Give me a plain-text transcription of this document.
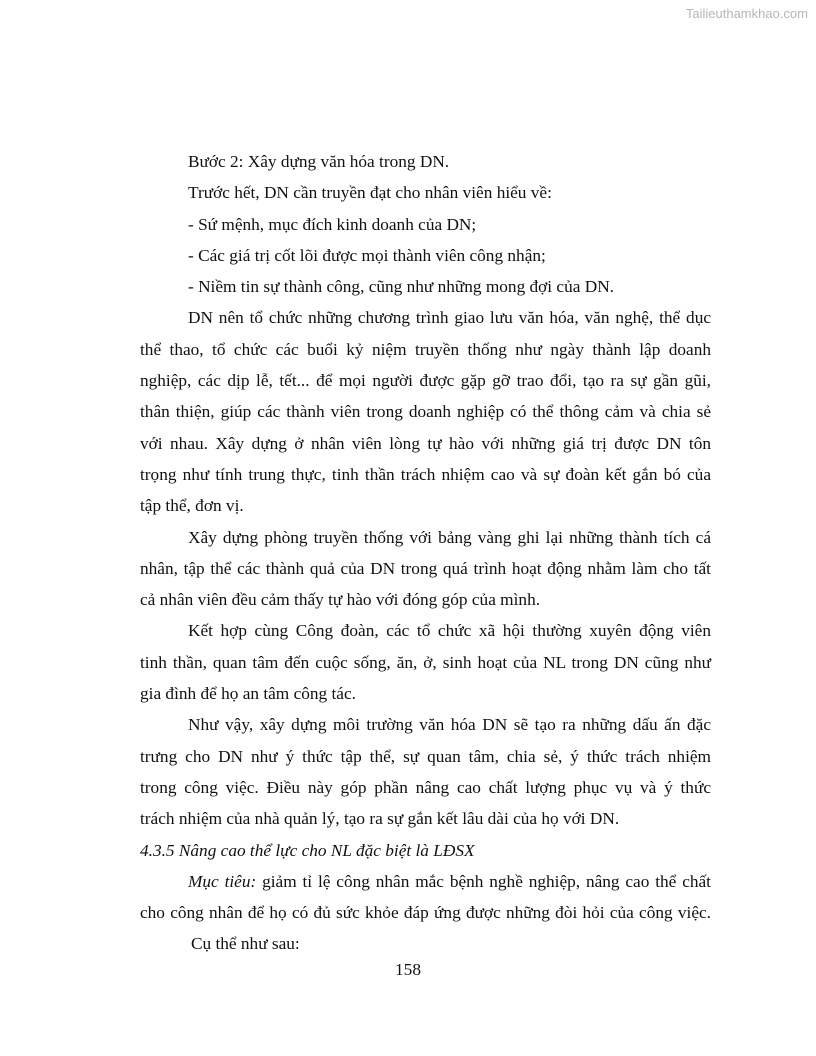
Tailieuthamkhao.com
Bước 2: Xây dựng văn hóa trong DN.
Trước hết, DN cần truyền đạt cho nhân viên hiểu về:
- Sứ mệnh, mục đích kinh doanh của DN;
- Các giá trị cốt lõi được mọi thành viên công nhận;
- Niềm tin sự thành công, cũng như những mong đợi của DN.
DN nên tổ chức những chương trình giao lưu văn hóa, văn nghệ, thể dục
thể thao, tổ chức các buổi kỷ niệm truyền thống như ngày thành lập doanh
nghiệp, các dịp lễ, tết... để mọi người được gặp gỡ trao đổi, tạo ra sự gần gũi,
thân thiện, giúp các thành viên trong doanh nghiệp có thể thông cảm và chia sẻ
với nhau. Xây dựng ở nhân viên lòng tự hào với những giá trị được DN tôn
trọng như tính trung thực, tinh thần trách nhiệm cao và sự đoàn kết gắn bó của
tập thể, đơn vị.
Xây dựng phòng truyền thống với bảng vàng ghi lại những thành tích cá
nhân, tập thể các thành quả của DN trong quá trình hoạt động nhằm làm cho tất
cả nhân viên đều cảm thấy tự hào với đóng góp của mình.
Kết hợp cùng Công đoàn, các tổ chức xã hội thường xuyên động viên
tinh thần, quan tâm đến cuộc sống, ăn, ở, sinh hoạt của NL trong DN cũng như
gia đình để họ an tâm công tác.
Như vậy, xây dựng môi trường văn hóa DN sẽ tạo ra những dấu ấn đặc
trưng cho DN như ý thức tập thể, sự quan tâm, chia sẻ, ý thức trách nhiệm
trong công việc. Điều này góp phần nâng cao chất lượng phục vụ và ý thức
trách nhiệm của nhà quản lý, tạo ra sự gắn kết lâu dài của họ với DN.
4.3.5 Nâng cao thể lực cho NL đặc biệt là LĐSX
Mục tiêu: giảm tỉ lệ công nhân mắc bệnh nghề nghiệp, nâng cao thể chất
cho công nhân để họ có đủ sức khỏe đáp ứng được những đòi hỏi của công việc.
Cụ thể như sau:
158
